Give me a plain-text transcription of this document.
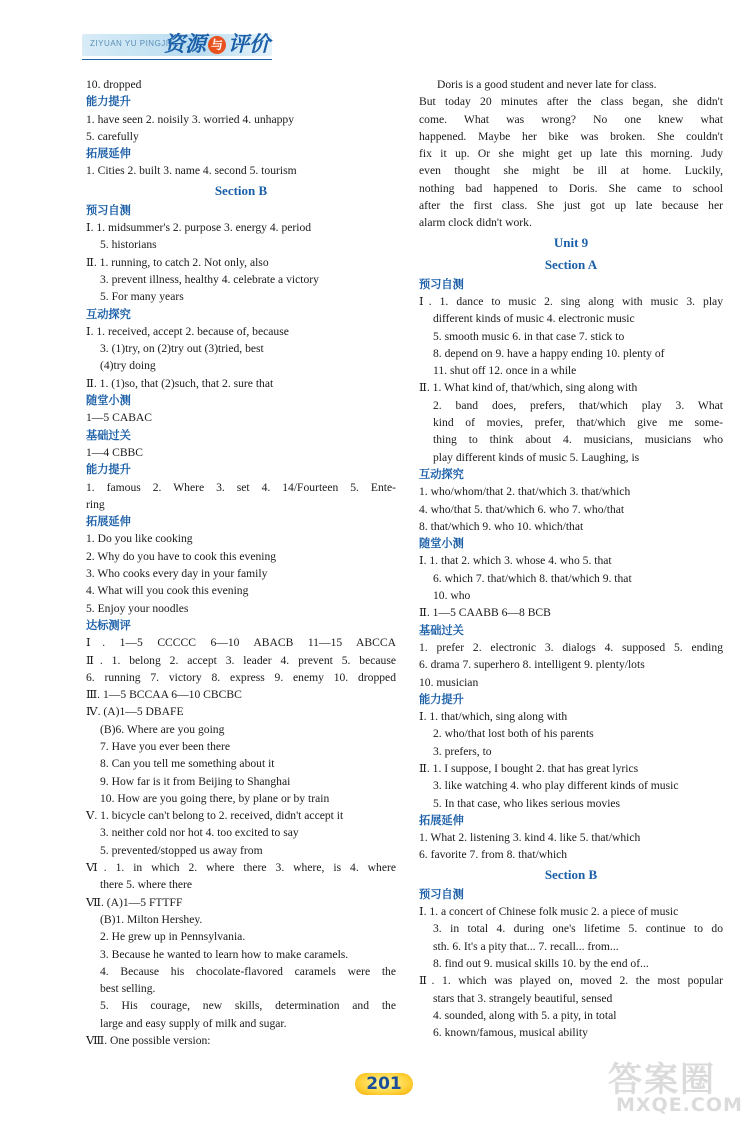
ZIYUAN YU PINGJIA
资源 与 评价
10. dropped
能力提升
1. have seen 2. noisily 3. worried 4. unhappy
5. carefully
拓展延伸
1. Cities 2. built 3. name 4. second 5. tourism
Section B
预习自测
Ⅰ. 1. midsummer's 2. purpose 3. energy 4. period
5. historians
Ⅱ. 1. running, to catch 2. Not only, also
3. prevent illness, healthy 4. celebrate a victory
5. For many years
互动探究
Ⅰ. 1. received, accept 2. because of, because
3. (1)try, on (2)try out (3)tried, best
(4)try doing
Ⅱ. 1. (1)so, that (2)such, that 2. sure that
随堂小测
1—5 CABAC
基础过关
1—4 CBBC
能力提升
1. famous 2. Where 3. set 4. 14/Fourteen 5. Ente-
ring
拓展延伸
1. Do you like cooking
2. Why do you have to cook this evening
3. Who cooks every day in your family
4. What will you cook this evening
5. Enjoy your noodles
达标测评
Ⅰ. 1—5 CCCCC 6—10 ABACB 11—15 ABCCA
Ⅱ. 1. belong 2. accept 3. leader 4. prevent 5. because
6. running 7. victory 8. express 9. enemy 10. dropped
Ⅲ. 1—5 BCCAA 6—10 CBCBC
Ⅳ. (A)1—5 DBAFE
(B)6. Where are you going
7. Have you ever been there
8. Can you tell me something about it
9. How far is it from Beijing to Shanghai
10. How are you going there, by plane or by train
Ⅴ. 1. bicycle can't belong to 2. received, didn't accept it
3. neither cold nor hot 4. too excited to say
5. prevented/stopped us away from
Ⅵ. 1. in which 2. where there 3. where, is 4. where
there 5. where there
Ⅶ. (A)1—5 FTTFF
(B)1. Milton Hershey.
2. He grew up in Pennsylvania.
3. Because he wanted to learn how to make caramels.
4. Because his chocolate-flavored caramels were the
best selling.
5. His courage, new skills, determination and the
large and easy supply of milk and sugar.
Ⅷ. One possible version:
Doris is a good student and never late for class.
But today 20 minutes after the class began, she didn't
come. What was wrong? No one knew what
happened. Maybe her bike was broken. She couldn't
fix it up. Or she might get up late this morning. Judy
even thought she might be ill at home. Luckily,
nothing bad happened to Doris. She came to school
after the first class. She just got up late because her
alarm clock didn't work.
Unit 9
Section A
预习自测
Ⅰ. 1. dance to music 2. sing along with music 3. play
different kinds of music 4. electronic music
5. smooth music 6. in that case 7. stick to
8. depend on 9. have a happy ending 10. plenty of
11. shut off 12. once in a while
Ⅱ. 1. What kind of, that/which, sing along with
2. band does, prefers, that/which play 3. What
kind of movies, prefer, that/which give me some-
thing to think about 4. musicians, musicians who
play different kinds of music 5. Laughing, is
互动探究
1. who/whom/that 2. that/which 3. that/which
4. who/that 5. that/which 6. who 7. who/that
8. that/which 9. who 10. which/that
随堂小测
Ⅰ. 1. that 2. which 3. whose 4. who 5. that
6. which 7. that/which 8. that/which 9. that
10. who
Ⅱ. 1—5 CAABB 6—8 BCB
基础过关
1. prefer 2. electronic 3. dialogs 4. supposed 5. ending
6. drama 7. superhero 8. intelligent 9. plenty/lots
10. musician
能力提升
Ⅰ. 1. that/which, sing along with
2. who/that lost both of his parents
3. prefers, to
Ⅱ. 1. I suppose, I bought 2. that has great lyrics
3. like watching 4. who play different kinds of music
5. In that case, who likes serious movies
拓展延伸
1. What 2. listening 3. kind 4. like 5. that/which
6. favorite 7. from 8. that/which
Section B
预习自测
Ⅰ. 1. a concert of Chinese folk music 2. a piece of music
3. in total 4. during one's lifetime 5. continue to do
sth. 6. It's a pity that... 7. recall... from...
8. find out 9. musical skills 10. by the end of...
Ⅱ. 1. which was played on, moved 2. the most popular
stars that 3. strangely beautiful, sensed
4. sounded, along with 5. a pity, in total
6. known/famous, musical ability
201	答案圈
MXQE.COM
